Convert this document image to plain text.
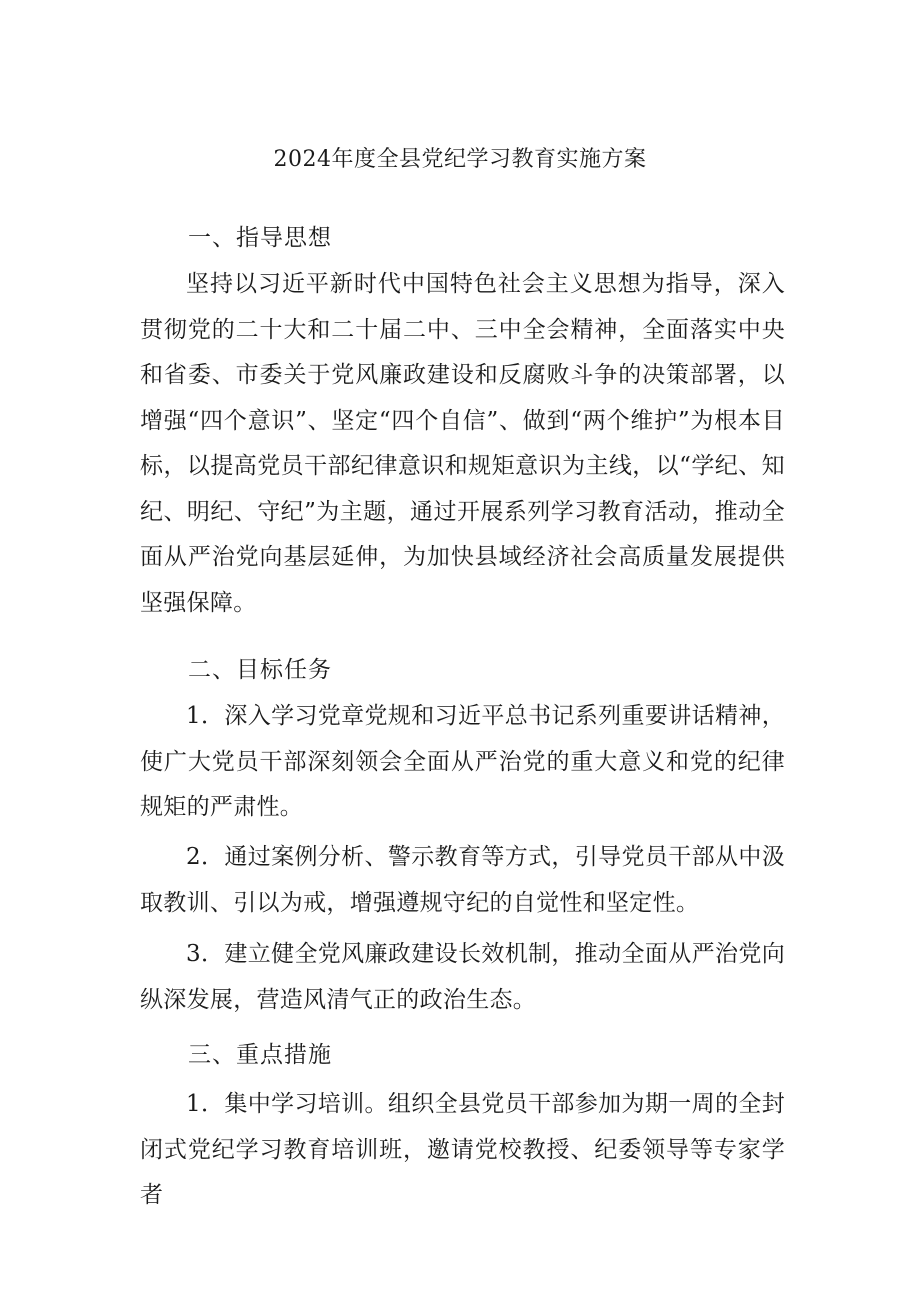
2024年度全县党纪学习教育实施方案
一、指导思想

坚持以习近平新时代中国特色社会主义思想为指导，深入贯彻党的二十大和二十届二中、三中全会精神，全面落实中央和省委、市委关于党风廉政建设和反腐败斗争的决策部署，以增强“四个意识”、坚定“四个自信”、做到“两个维护”为根本目标，以提高党员干部纪律意识和规矩意识为主线，以“学纪、知纪、明纪、守纪”为主题，通过开展系列学习教育活动，推动全面从严治党向基层延伸，为加快县域经济社会高质量发展提供坚强保障。

二、目标任务

1．深入学习党章党规和习近平总书记系列重要讲话精神，使广大党员干部深刻领会全面从严治党的重大意义和党的纪律规矩的严肃性。

2．通过案例分析、警示教育等方式，引导党员干部从中汲取教训、引以为戒，增强遵规守纪的自觉性和坚定性。

3．建立健全党风廉政建设长效机制，推动全面从严治党向纵深发展，营造风清气正的政治生态。

三、重点措施

1．集中学习培训。组织全县党员干部参加为期一周的全封闭式党纪学习教育培训班，邀请党校教授、纪委领导等专家学者
